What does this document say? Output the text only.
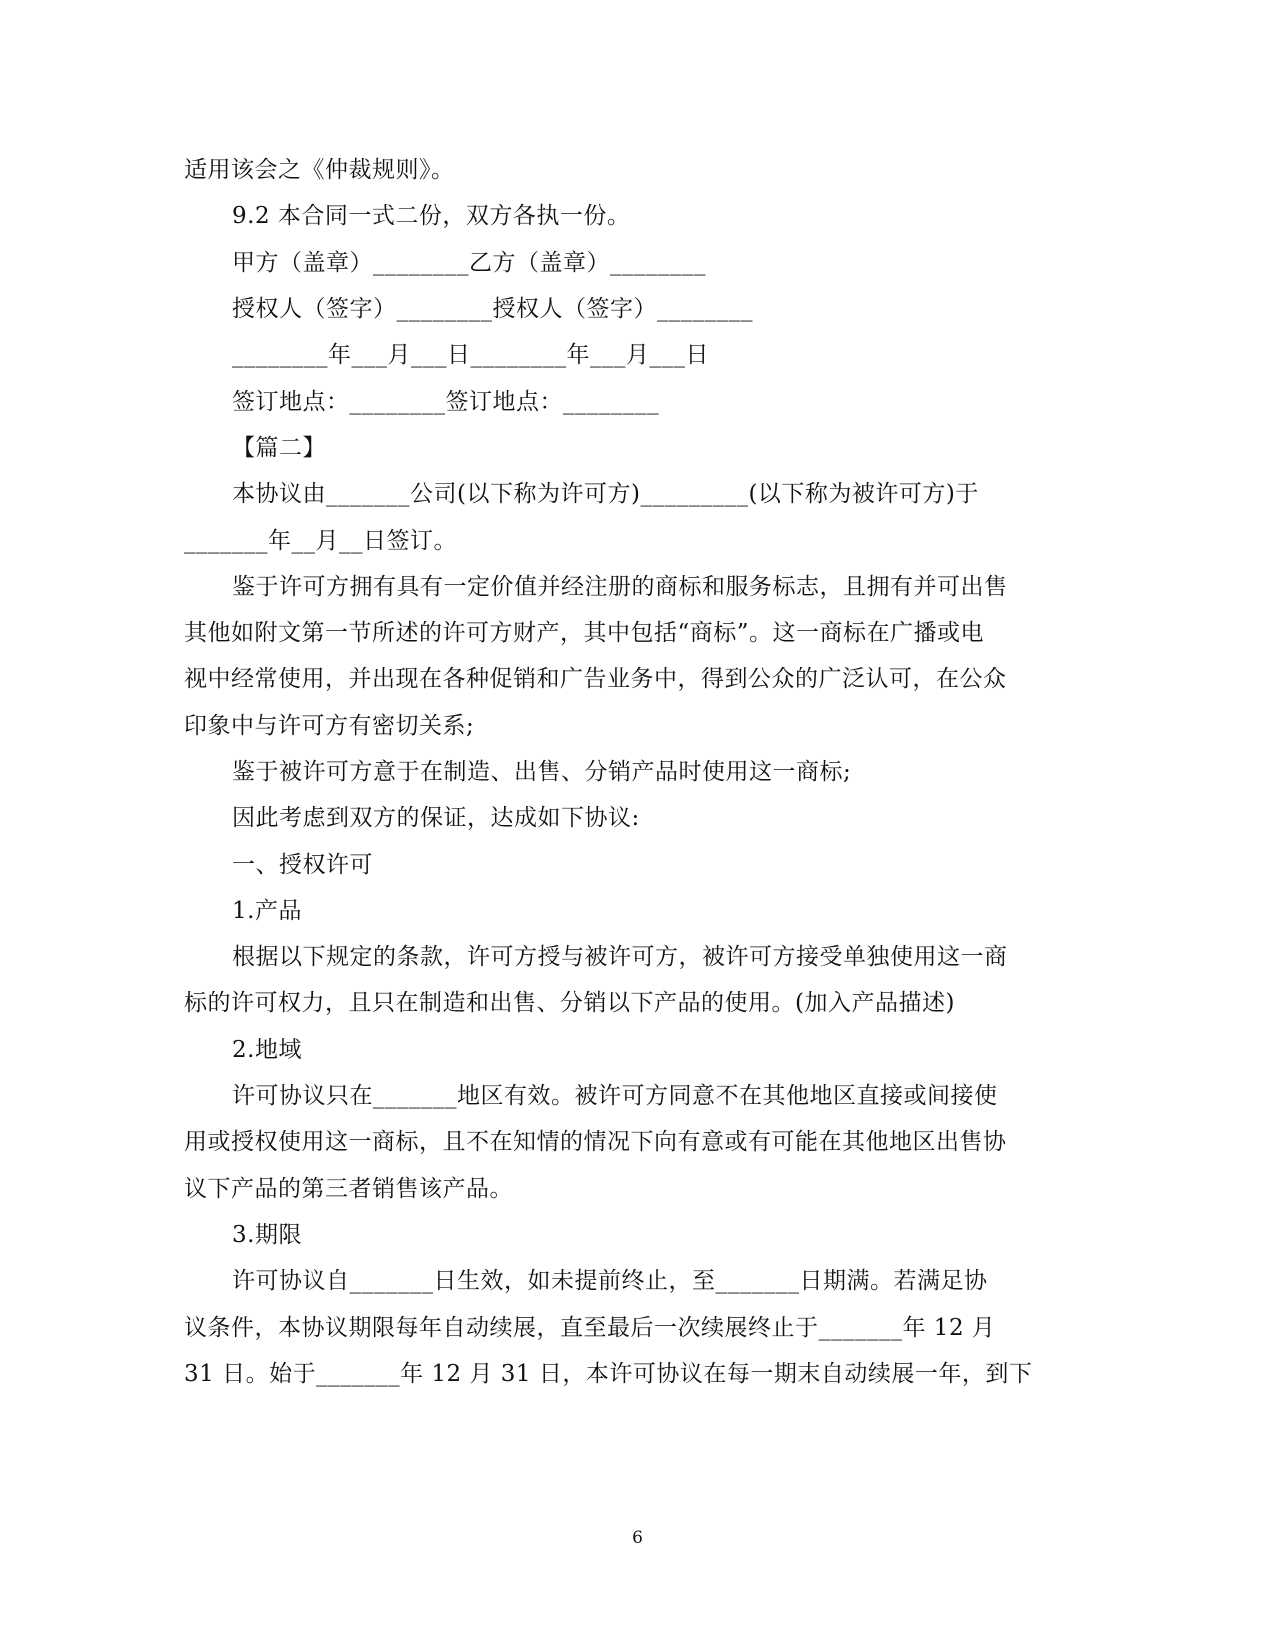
适用该会之《仲裁规则》。
9.2 本合同一式二份，双方各执一份。
甲方（盖章）________乙方（盖章）________
授权人（签字）________授权人（签字）________
________年___月___日________年___月___日
签订地点：________签订地点：________
【篇二】
本协议由_______公司(以下称为许可方)_________(以下称为被许可方)于
_______年__月__日签订。
鉴于许可方拥有具有一定价值并经注册的商标和服务标志，且拥有并可出售
其他如附文第一节所述的许可方财产，其中包括“商标”。这一商标在广播或电
视中经常使用，并出现在各种促销和广告业务中，得到公众的广泛认可，在公众
印象中与许可方有密切关系;
鉴于被许可方意于在制造、出售、分销产品时使用这一商标;
因此考虑到双方的保证，达成如下协议:
一、授权许可
1.产品
根据以下规定的条款，许可方授与被许可方，被许可方接受单独使用这一商
标的许可权力，且只在制造和出售、分销以下产品的使用。(加入产品描述)
2.地域
许可协议只在_______地区有效。被许可方同意不在其他地区直接或间接使
用或授权使用这一商标，且不在知情的情况下向有意或有可能在其他地区出售协
议下产品的第三者销售该产品。
3.期限
许可协议自_______日生效，如未提前终止，至_______日期满。若满足协
议条件，本协议期限每年自动续展，直至最后一次续展终止于_______年 12 月
31 日。始于_______年 12 月 31 日，本许可协议在每一期末自动续展一年，到下
6
